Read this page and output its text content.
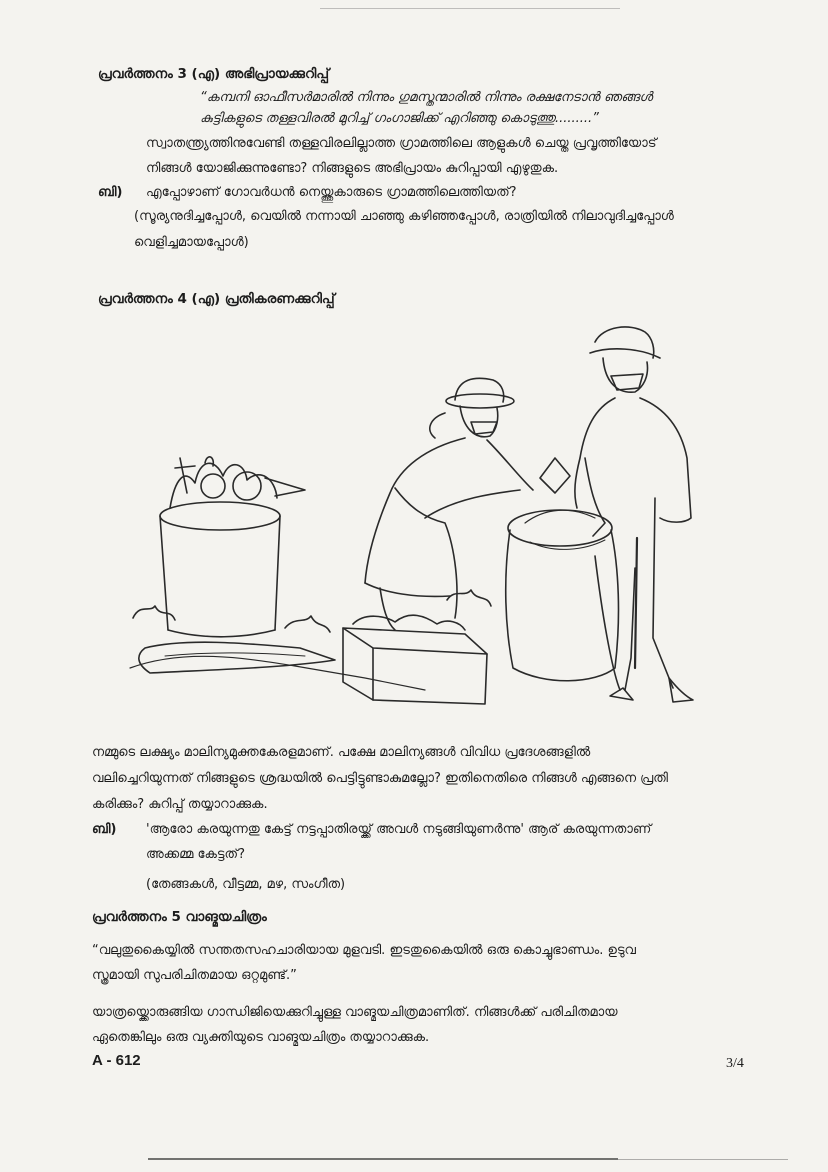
പ്രവർത്തനം 3 (എ) അഭിപ്രായക്കുറിപ്പ്
“കമ്പനി ഓഫീസർമാരിൽ നിന്നും ഗുമസ്തന്മാരിൽ നിന്നും രക്ഷനേടാൻ ഞങ്ങൾ
കുട്ടികളുടെ തള്ളവിരൽ മുറിച്ച് ഗംഗാജിക്ക് എറിഞ്ഞു കൊടുത്തു.........”
സ്വാതന്ത്ര്യത്തിനുവേണ്ടി തള്ളവിരലില്ലാത്ത ഗ്രാമത്തിലെ ആളുകൾ ചെയ്ത പ്രവൃത്തിയോട്
നിങ്ങൾ യോജിക്കുന്നുണ്ടോ? നിങ്ങളുടെ അഭിപ്രായം കുറിപ്പായി എഴുതുക.
ബി) എപ്പോഴാണ് ഗോവർധൻ നെയ്ത്തുകാരുടെ ഗ്രാമത്തിലെത്തിയത്?
(സൂര്യനുദിച്ചപ്പോൾ, വെയിൽ നന്നായി ചാഞ്ഞു കഴിഞ്ഞപ്പോൾ, രാത്രിയിൽ നിലാവുദിച്ചപ്പോൾ
വെളിച്ചമായപ്പോൾ)
പ്രവർത്തനം 4 (എ) പ്രതികരണക്കുറിപ്പ്
നമ്മുടെ ലക്ഷ്യം മാലിന്യമുക്തകേരളമാണ്. പക്ഷേ മാലിന്യങ്ങൾ വിവിധ പ്രദേശങ്ങളിൽ
വലിച്ചെറിയുന്നത് നിങ്ങളുടെ ശ്രദ്ധയിൽ പെട്ടിട്ടുണ്ടാകുമല്ലോ? ഇതിനെതിരെ നിങ്ങൾ എങ്ങനെ പ്രതി
കരിക്കും? കുറിപ്പ് തയ്യാറാക്കുക.
ബി) 'ആരോ കരയുന്നതു കേട്ട് നട്ടപ്പാതിരയ്ക്ക് അവൾ നടുങ്ങിയുണർന്നു' ആര് കരയുന്നതാണ്
അക്കമ്മ കേട്ടത്?
(തേങ്ങകൾ, വീട്ടമ്മ, മഴ, സംഗീത)
പ്രവർത്തനം 5 വാങ്മയചിത്രം
“വലുതുകൈയ്യിൽ സന്തതസഹചാരിയായ മുളവടി. ഇടതുകൈയിൽ ഒരു കൊച്ചുഭാണ്ഡം. ഉടുവ
സ്ത്രമായി സുപരിചിതമായ ഒറ്റമുണ്ട്.”
യാത്രയ്ക്കൊരുങ്ങിയ ഗാന്ധിജിയെക്കുറിച്ചുള്ള വാങ്മയചിത്രമാണിത്. നിങ്ങൾക്ക് പരിചിതമായ
ഏതെങ്കിലും ഒരു വ്യക്തിയുടെ വാങ്മയചിത്രം തയ്യാറാക്കുക.
A - 612	3/4
